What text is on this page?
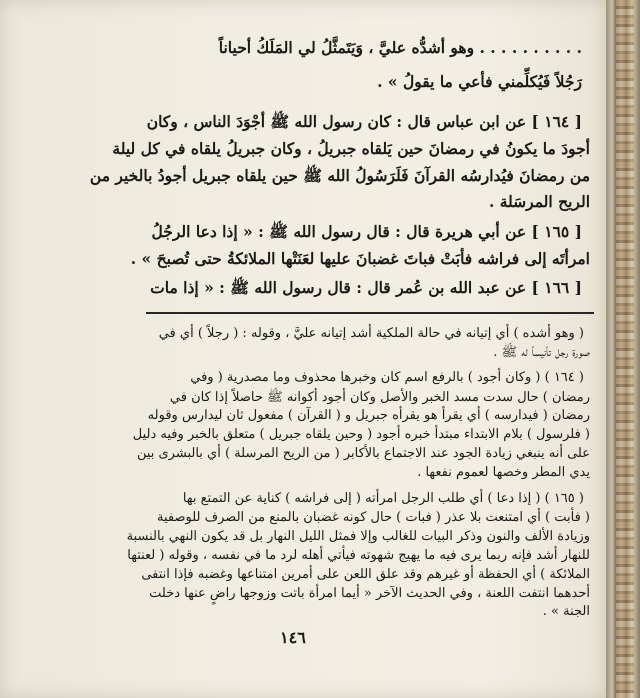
. . . . . . . . . . وهو أشدُّه عليَّ ، وَيَتَمثَّلُ لي المَلَكُ أحياناً
رَجُلاً فَيُكلِّمني فأعي ما يقولُ » .
[ ١٦٤ ] عن ابن عباس قال : كان رسول الله ﷺ أجْوَدَ الناس ، وكان
أجودَ ما يكونُ في رمضانَ حين يَلقاه جبريلُ ، وكان جبريلُ يلقاه في كل ليلة
من رمضانَ فيُدارسُه القرآنَ فَلَرَسُولُ الله ﷺ حين يلقاه جبريل أجودُ بالخير من
الريح المرسَلة .
[ ١٦٥ ] عن أبي هريرة قال : قال رسول الله ﷺ : « إذا دعا الرجُلُ
امرأتَه إلى فراشه فأبَتْ فباتَ غضبانَ عليها لعَنَتْها الملائكةُ حتى تُصبحَ » .
[ ١٦٦ ] عن عبد الله بن عُمر قال : قال رسول الله ﷺ : « إذا مات
( وهو أشده ) أي إتيانه في حالة الملكية أشد إتيانه عليَّ ، وقوله : ( رجلاً ) أي في
صورة رجل تأنيساً له ﷺ .
( ١٦٤ ) ( وكان أجود ) بالرفع اسم كان وخبرها محذوف وما مصدرية ( وفي
رمضان ) حال سدت مسد الخبر والأصل وكان أجود أكوانه ﷺ حاصلاً إذا كان في
رمضان ( فيدارسه ) أي يقرأ هو يقرأه جبريل و ( القرآن ) مفعول ثان ليدارس وقوله
( فلرسول ) بلام الابتداء مبتدأ خبره أجود ( وحين يلقاه جبريل ) متعلق بالخبر وفيه دليل
على أنه ينبغي زيادة الجود عند الاجتماع بالأكابر ( من الريح المرسلة ) أي بالبشرى بين
يدي المطر وخصها لعموم نفعها .
( ١٦٥ ) ( إذا دعا ) أي طلب الرجل امرأته ( إلى فراشه ) كناية عن التمتع بها
( فأبت ) أي امتنعت بلا عذر ( فبات ) حال كونه غضبان بالمنع من الصرف للوصفية
وزيادة الألف والنون وذكر البيات للغالب وإلا فمثل الليل النهار بل قد يكون النهي بالنسبة
للنهار أشد فإنه ربما يرى فيه ما يهيج شهوته فيأتي أهله لرد ما في نفسه ، وقوله ( لعنتها
الملائكة ) أي الحفظة أو غيرهم وقد علق اللعن على أمرين امتناعها وغضبه فإذا انتفى
أحدهما انتفت اللعنة ، وفي الحديث الآخر « أيما امرأة باتت وزوجها راضٍ عنها دخلت
الجنة » .
١٤٦
